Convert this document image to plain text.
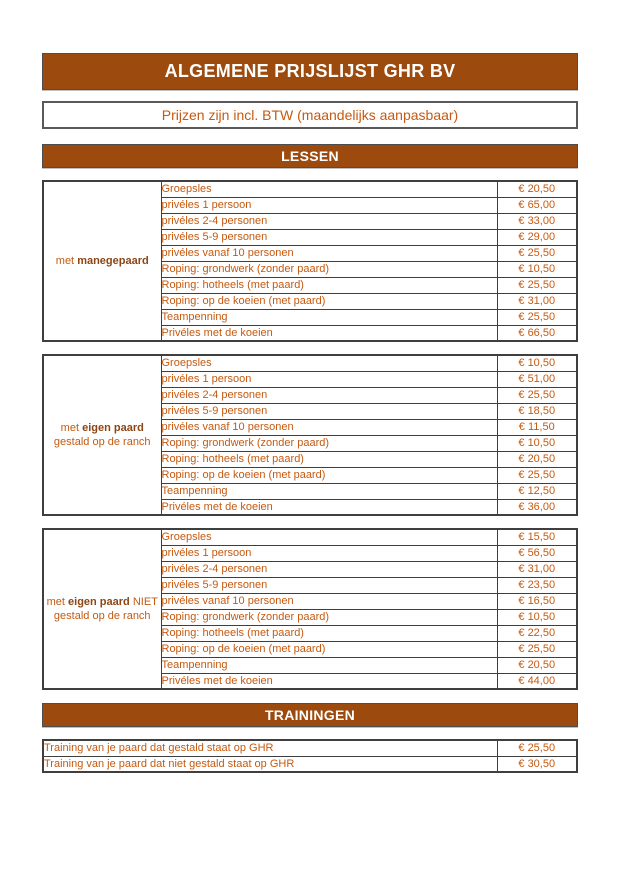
ALGEMENE PRIJSLIJST GHR BV
Prijzen zijn incl. BTW (maandelijks aanpasbaar)
LESSEN
met manegepaard	Groepsles	€ 20,50
	privéles 1 persoon	€ 65,00
	privéles 2-4 personen	€ 33,00
	privéles 5-9 personen	€ 29,00
	privéles vanaf 10 personen	€ 25,50
	Roping: grondwerk (zonder paard)	€ 10,50
	Roping: hotheels (met paard)	€ 25,50
	Roping: op de koeien (met paard)	€ 31,00
	Teampenning	€ 25,50
	Privéles met de koeien	€ 66,50
met eigen paard gestald op de ranch	Groepsles	€ 10,50
	privéles 1 persoon	€ 51,00
	privéles 2-4 personen	€ 25,50
	privéles 5-9 personen	€ 18,50
	privéles vanaf 10 personen	€ 11,50
	Roping: grondwerk (zonder paard)	€ 10,50
	Roping: hotheels (met paard)	€ 20,50
	Roping: op de koeien (met paard)	€ 25,50
	Teampenning	€ 12,50
	Privéles met de koeien	€ 36,00
met eigen paard NIET gestald op de ranch	Groepsles	€ 15,50
	privéles 1 persoon	€ 56,50
	privéles 2-4 personen	€ 31,00
	privéles 5-9 personen	€ 23,50
	privéles vanaf 10 personen	€ 16,50
	Roping: grondwerk (zonder paard)	€ 10,50
	Roping: hotheels (met paard)	€ 22,50
	Roping: op de koeien (met paard)	€ 25,50
	Teampenning	€ 20,50
	Privéles met de koeien	€ 44,00
TRAININGEN
Training van je paard dat gestald staat op GHR	€ 25,50
Training van je paard dat niet gestald staat op GHR	€ 30,50
